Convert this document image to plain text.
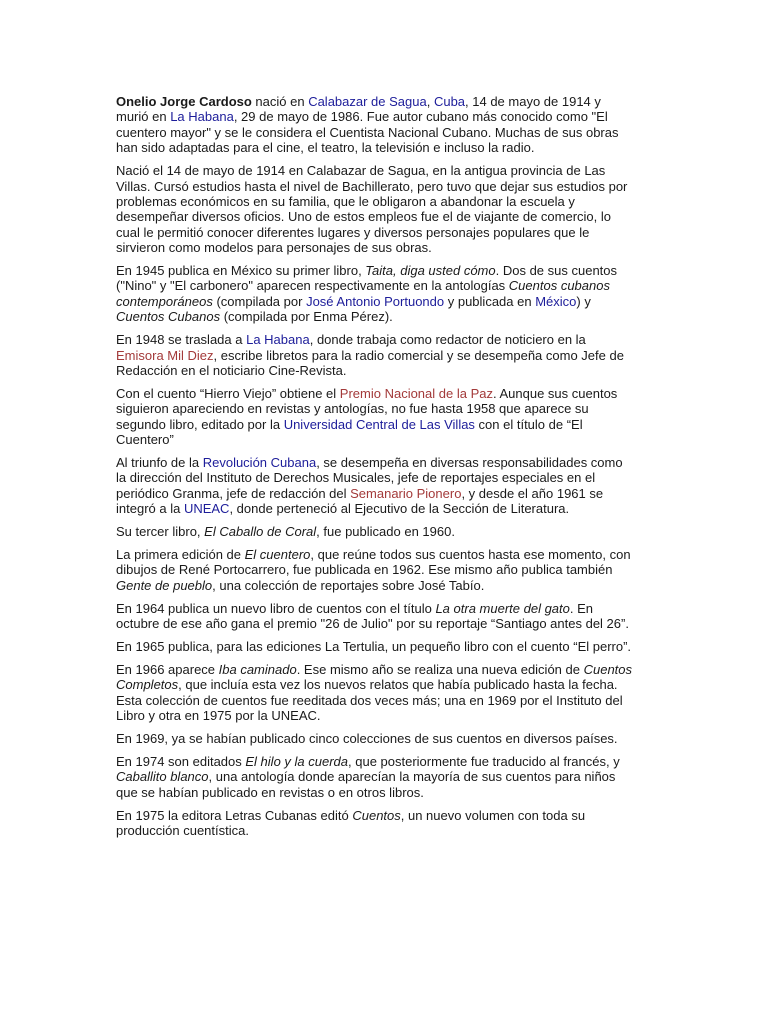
Onelio Jorge Cardoso nació en Calabazar de Sagua, Cuba, 14 de mayo de 1914 y murió en La Habana, 29 de mayo de 1986. Fue autor cubano más conocido como "El cuentero mayor" y se le considera el Cuentista Nacional Cubano. Muchas de sus obras han sido adaptadas para el cine, el teatro, la televisión e incluso la radio.

Nació el 14 de mayo de 1914 en Calabazar de Sagua, en la antigua provincia de Las Villas. Cursó estudios hasta el nivel de Bachillerato, pero tuvo que dejar sus estudios por problemas económicos en su familia, que le obligaron a abandonar la escuela y desempeñar diversos oficios. Uno de estos empleos fue el de viajante de comercio, lo cual le permitió conocer diferentes lugares y diversos personajes populares que le sirvieron como modelos para personajes de sus obras.

En 1945 publica en México su primer libro, Taita, diga usted cómo. Dos de sus cuentos ("Nino" y "El carbonero" aparecen respectivamente en la antologías Cuentos cubanos contemporáneos (compilada por José Antonio Portuondo y publicada en México) y Cuentos Cubanos (compilada por Enma Pérez).

En 1948 se traslada a La Habana, donde trabaja como redactor de noticiero en la Emisora Mil Diez, escribe libretos para la radio comercial y se desempeña como Jefe de Redacción en el noticiario Cine-Revista.

Con el cuento “Hierro Viejo” obtiene el Premio Nacional de la Paz. Aunque sus cuentos siguieron apareciendo en revistas y antologías, no fue hasta 1958 que aparece su segundo libro, editado por la Universidad Central de Las Villas con el título de “El Cuentero”

Al triunfo de la Revolución Cubana, se desempeña en diversas responsabilidades como la dirección del Instituto de Derechos Musicales, jefe de reportajes especiales en el periódico Granma, jefe de redacción del Semanario Pionero, y desde el año 1961 se integró a la UNEAC, donde perteneció al Ejecutivo de la Sección de Literatura.

Su tercer libro, El Caballo de Coral, fue publicado en 1960.

La primera edición de El cuentero, que reúne todos sus cuentos hasta ese momento, con dibujos de René Portocarrero, fue publicada en 1962. Ese mismo año publica también Gente de pueblo, una colección de reportajes sobre José Tabío.

En 1964 publica un nuevo libro de cuentos con el título La otra muerte del gato. En octubre de ese año gana el premio "26 de Julio" por su reportaje “Santiago antes del 26”.

En 1965 publica, para las ediciones La Tertulia, un pequeño libro con el cuento “El perro”.

En 1966 aparece Iba caminado. Ese mismo año se realiza una nueva edición de Cuentos Completos, que incluía esta vez los nuevos relatos que había publicado hasta la fecha. Esta colección de cuentos fue reeditada dos veces más; una en 1969 por el Instituto del Libro y otra en 1975 por la UNEAC.

En 1969, ya se habían publicado cinco colecciones de sus cuentos en diversos países.

En 1974 son editados El hilo y la cuerda, que posteriormente fue traducido al francés, y Caballito blanco, una antología donde aparecían la mayoría de sus cuentos para niños que se habían publicado en revistas o en otros libros.

En 1975 la editora Letras Cubanas editó Cuentos, un nuevo volumen con toda su producción cuentística.
